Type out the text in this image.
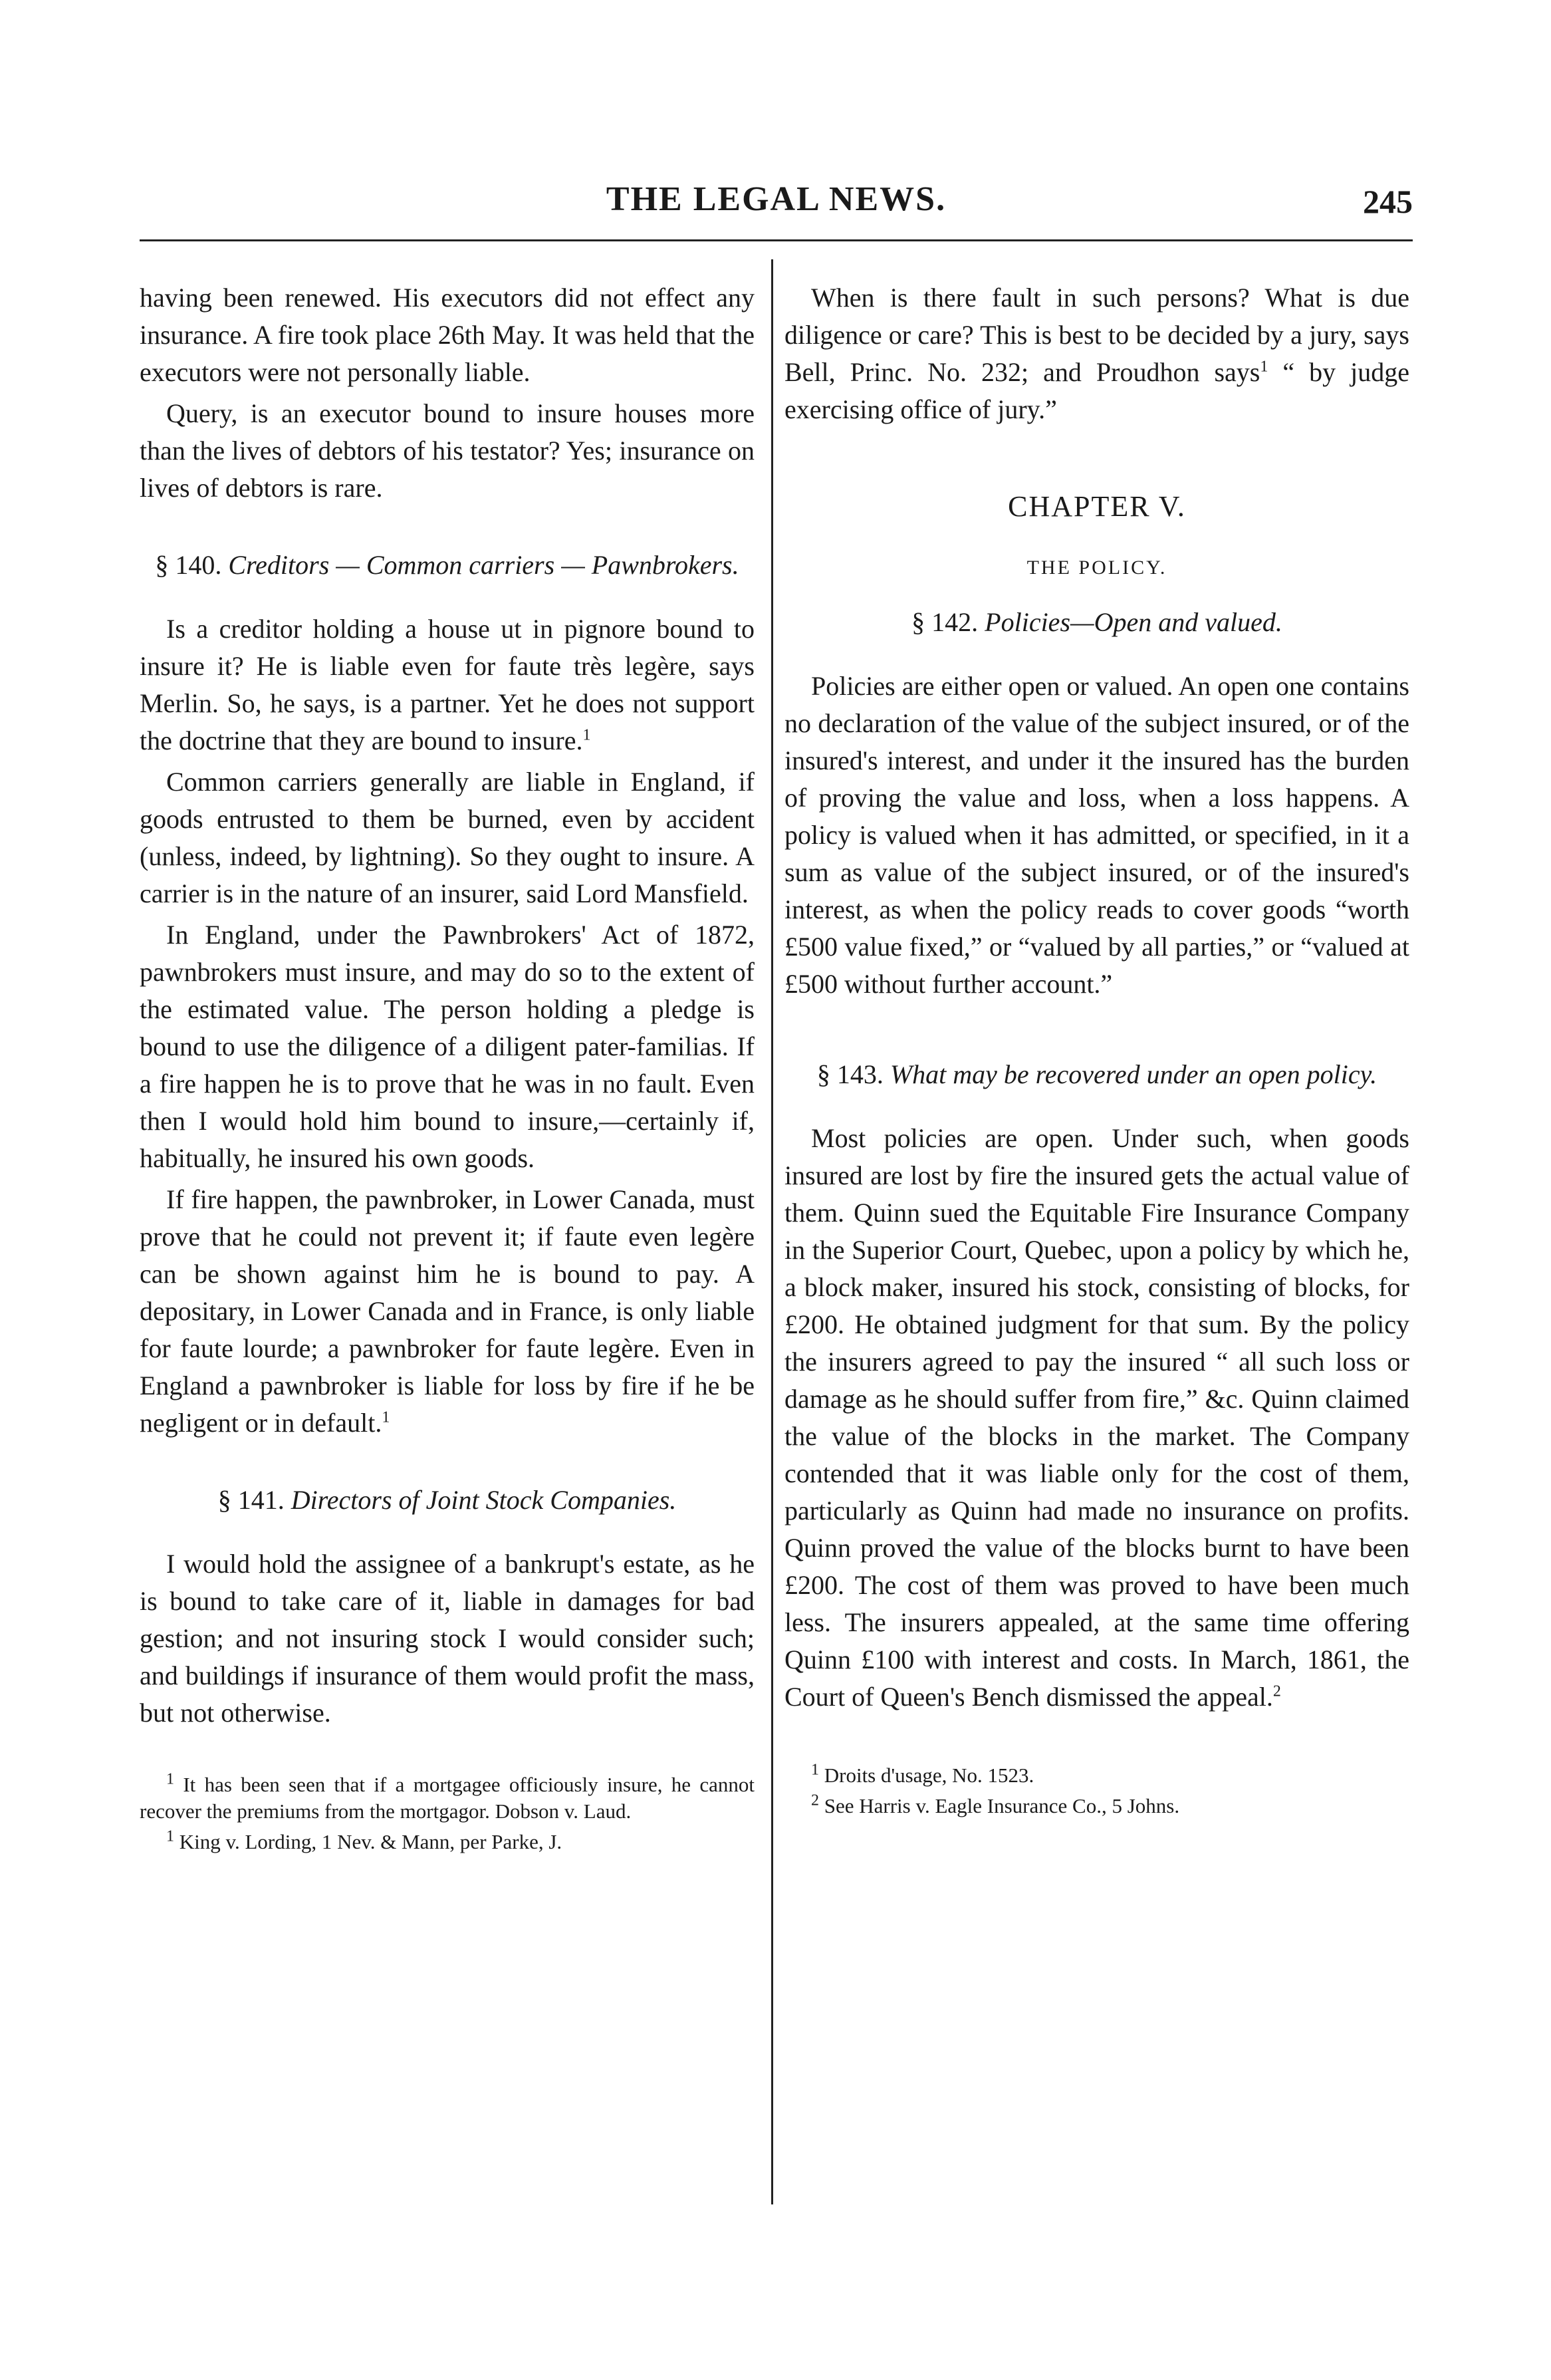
THE LEGAL NEWS.	245

having been renewed. His executors did not effect any insurance. A fire took place 26th May. It was held that the executors were not personally liable.

Query, is an executor bound to insure houses more than the lives of debtors of his testator? Yes; insurance on lives of debtors is rare.

§ 140. Creditors — Common carriers — Pawnbrokers.

Is a creditor holding a house ut in pignore bound to insure it? He is liable even for faute très legère, says Merlin. So, he says, is a partner. Yet he does not support the doctrine that they are bound to insure.$^1$

Common carriers generally are liable in England, if goods entrusted to them be burned, even by accident (unless, indeed, by lightning). So they ought to insure. A carrier is in the nature of an insurer, said Lord Mansfield.

In England, under the Pawnbrokers' Act of 1872, pawnbrokers must insure, and may do so to the extent of the estimated value. The person holding a pledge is bound to use the diligence of a diligent pater-familias. If a fire happen he is to prove that he was in no fault. Even then I would hold him bound to insure,—certainly if, habitually, he insured his own goods.

If fire happen, the pawnbroker, in Lower Canada, must prove that he could not prevent it; if faute even legère can be shown against him he is bound to pay. A depositary, in Lower Canada and in France, is only liable for faute lourde; a pawnbroker for faute legère. Even in England a pawnbroker is liable for loss by fire if he be negligent or in default.$^1$

§ 141. Directors of Joint Stock Companies.

I would hold the assignee of a bankrupt's estate, as he is bound to take care of it, liable in damages for bad gestion; and not insuring stock I would consider such; and buildings if insurance of them would profit the mass, but not otherwise.

$^1$ It has been seen that if a mortgagee officiously insure, he cannot recover the premiums from the mortgagor. Dobson v. Laud.

$^1$ King v. Lording, 1 Nev. & Mann, per Parke, J.

When is there fault in such persons? What is due diligence or care? This is best to be decided by a jury, says Bell, Princ. No. 232; and Proudhon says$^1$ “ by judge exercising office of jury.”

CHAPTER V.
THE POLICY.
§ 142. Policies—Open and valued.

Policies are either open or valued. An open one contains no declaration of the value of the subject insured, or of the insured's interest, and under it the insured has the burden of proving the value and loss, when a loss happens. A policy is valued when it has admitted, or specified, in it a sum as value of the subject insured, or of the insured's interest, as when the policy reads to cover goods “worth £500 value fixed,” or “valued by all parties,” or “valued at £500 without further account.”

§ 143. What may be recovered under an open policy.

Most policies are open. Under such, when goods insured are lost by fire the insured gets the actual value of them. Quinn sued the Equitable Fire Insurance Company in the Superior Court, Quebec, upon a policy by which he, a block maker, insured his stock, consisting of blocks, for £200. He obtained judgment for that sum. By the policy the insurers agreed to pay the insured “ all such loss or damage as he should suffer from fire,” &c. Quinn claimed the value of the blocks in the market. The Company contended that it was liable only for the cost of them, particularly as Quinn had made no insurance on profits. Quinn proved the value of the blocks burnt to have been £200. The cost of them was proved to have been much less. The insurers appealed, at the same time offering Quinn £100 with interest and costs. In March, 1861, the Court of Queen's Bench dismissed the appeal.$^2$

$^1$ Droits d'usage, No. 1523.

$^2$ See Harris v. Eagle Insurance Co., 5 Johns.
